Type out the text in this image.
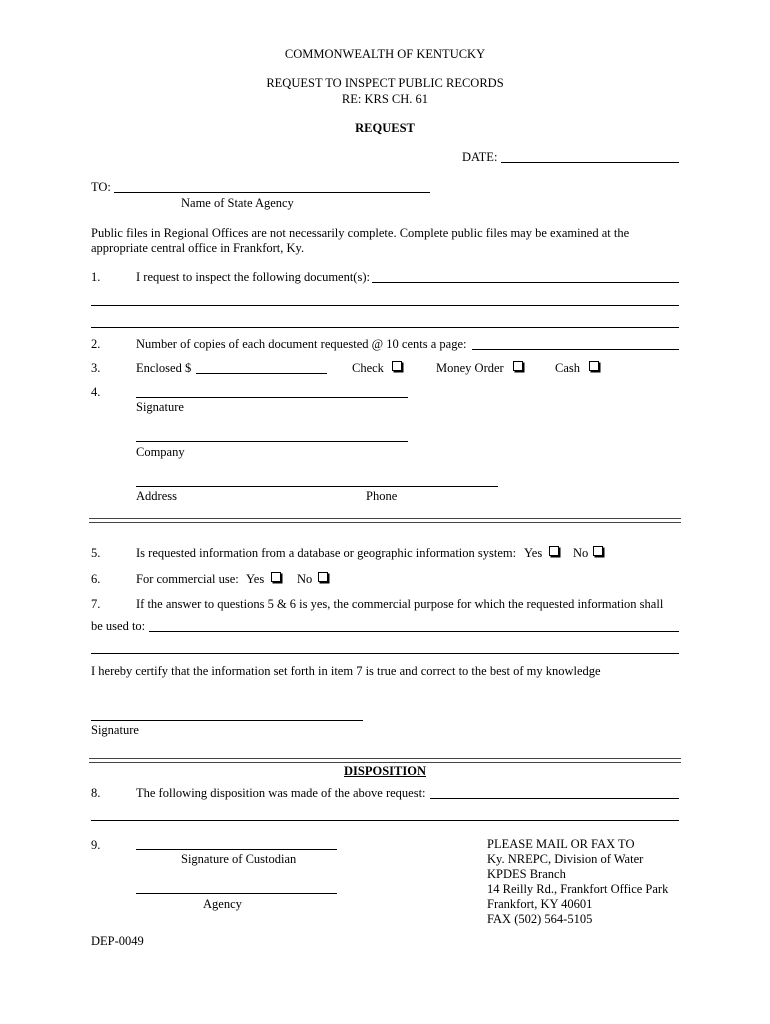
COMMONWEALTH OF KENTUCKY
REQUEST TO INSPECT PUBLIC RECORDS
RE: KRS CH. 61
REQUEST
DATE:
TO:
Name of State Agency
Public files in Regional Offices are not necessarily complete. Complete public files may be examined at the
appropriate central office in Frankfort, Ky.
1.	I request to inspect the following document(s):
2.	Number of copies of each document requested @ 10 cents a page:
3.	Enclosed $	Check	Money Order	Cash
4.
Signature
Company
Address	Phone
5.	Is requested information from a database or geographic information system: Yes No
6.	For commercial use: Yes	No
7.	If the answer to questions 5 & 6 is yes, the commercial purpose for which the requested information shall
be used to:
I hereby certify that the information set forth in item 7 is true and correct to the best of my knowledge
Signature
DISPOSITION
8.	The following disposition was made of the above request:
9.
Signature of Custodian
Agency
PLEASE MAIL OR FAX TO
Ky. NREPC, Division of Water
KPDES Branch
14 Reilly Rd., Frankfort Office Park
Frankfort, KY 40601
FAX (502) 564-5105
DEP-0049
